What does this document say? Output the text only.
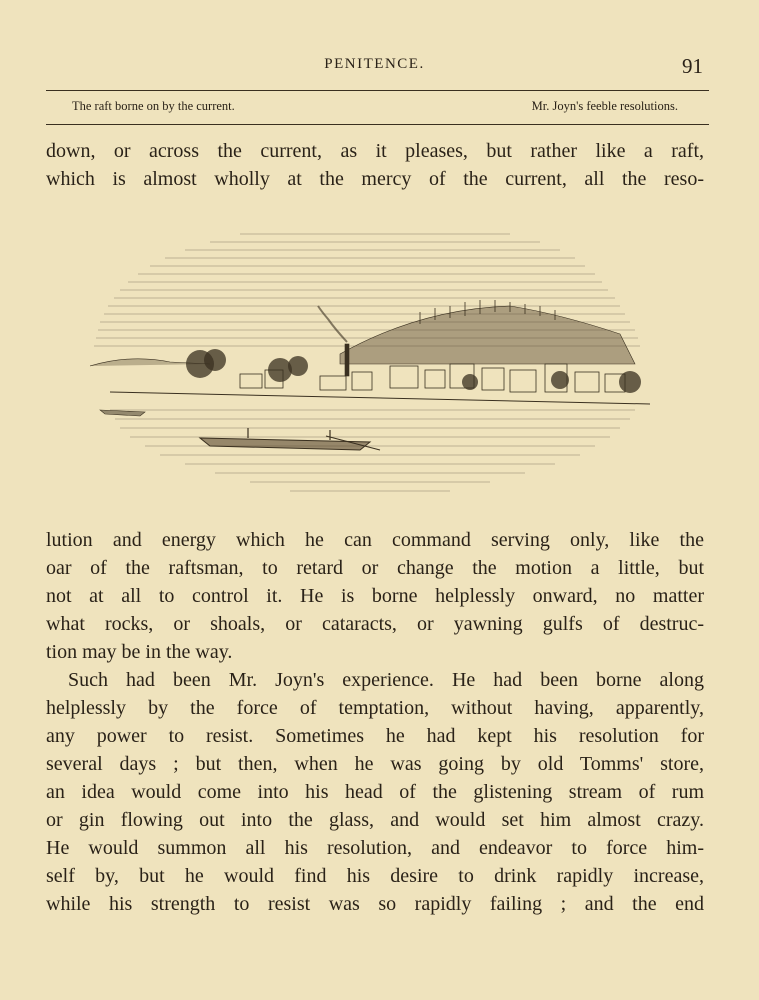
PENITENCE.	91
The raft borne on by the current.	Mr. Joyn's feeble resolutions.
down, or across the current, as it pleases, but rather like a raft,
which is almost wholly at the mercy of the current, all the reso-
lution and energy which he can command serving only, like the
oar of the raftsman, to retard or change the motion a little, but
not at all to control it. He is borne helplessly onward, no matter
what rocks, or shoals, or cataracts, or yawning gulfs of destruc-
tion may be in the way.
Such had been Mr. Joyn's experience. He had been borne along
helplessly by the force of temptation, without having, apparently,
any power to resist. Sometimes he had kept his resolution for
several days ; but then, when he was going by old Tomms' store,
an idea would come into his head of the glistening stream of rum
or gin flowing out into the glass, and would set him almost crazy.
He would summon all his resolution, and endeavor to force him-
self by, but he would find his desire to drink rapidly increase,
while his strength to resist was so rapidly failing ; and the end
